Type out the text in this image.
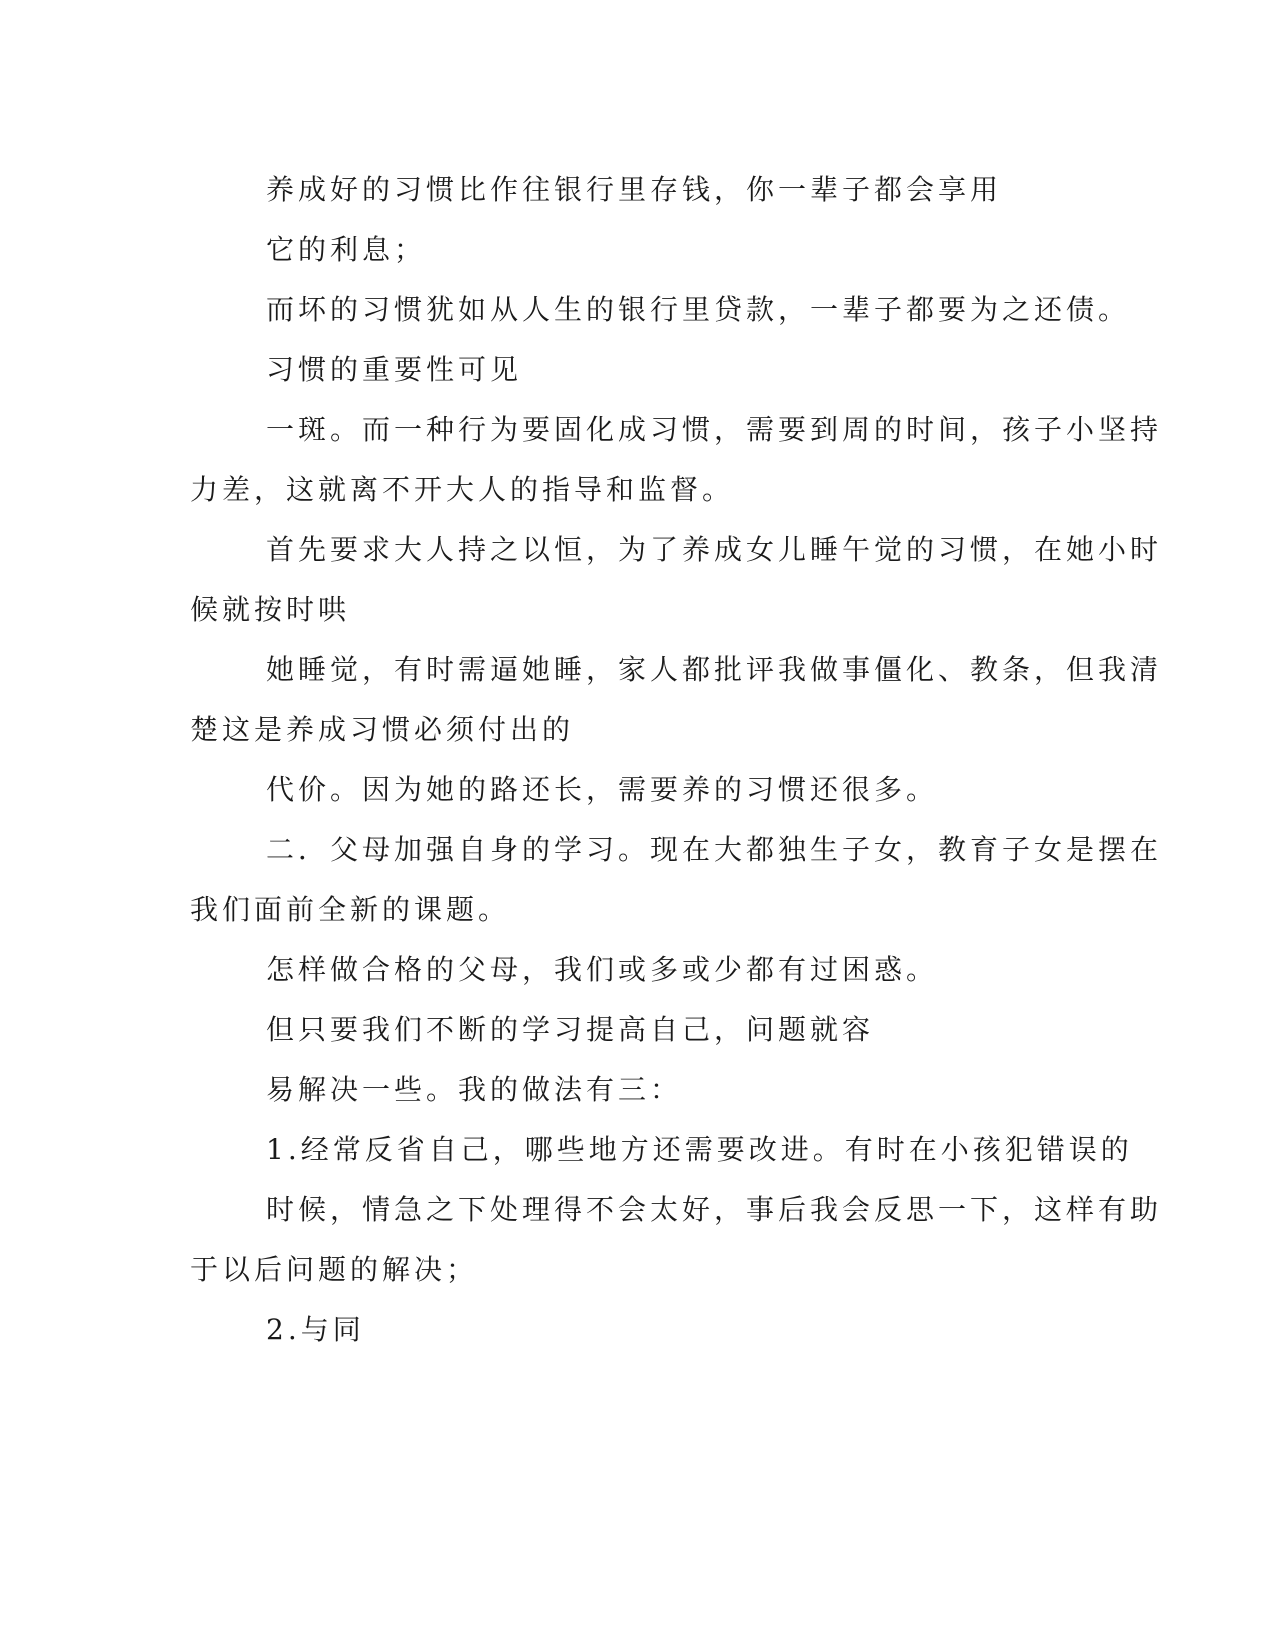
养成好的习惯比作往银行里存钱，你一辈子都会享用

它的利息；

而坏的习惯犹如从人生的银行里贷款，一辈子都要为之还债。

习惯的重要性可见

一斑。而一种行为要固化成习惯，需要到周的时间，孩子小坚持

力差，这就离不开大人的指导和监督。

首先要求大人持之以恒，为了养成女儿睡午觉的习惯，在她小时

候就按时哄

她睡觉，有时需逼她睡，家人都批评我做事僵化、教条，但我清

楚这是养成习惯必须付出的

代价。因为她的路还长，需要养的习惯还很多。

二．父母加强自身的学习。现在大都独生子女，教育子女是摆在

我们面前全新的课题。

怎样做合格的父母，我们或多或少都有过困惑。

但只要我们不断的学习提高自己，问题就容

易解决一些。我的做法有三：

1.经常反省自己，哪些地方还需要改进。有时在小孩犯错误的

时候，情急之下处理得不会太好，事后我会反思一下，这样有助

于以后问题的解决；

2.与同
